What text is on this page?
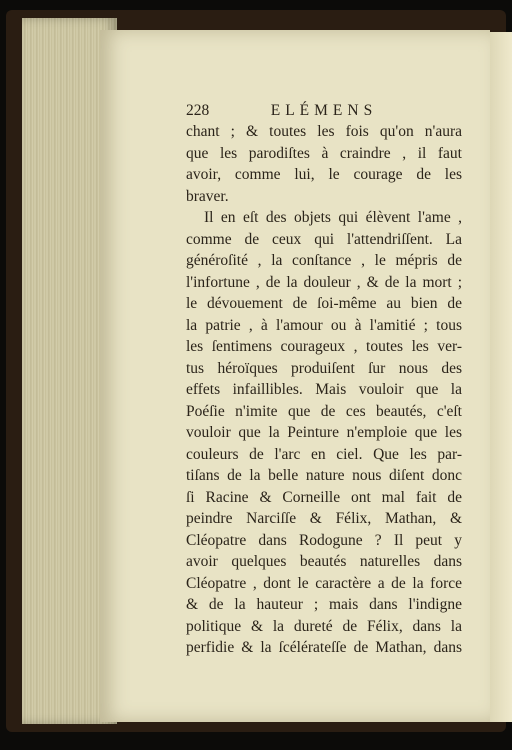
228	ELÉMENS
chant ; & toutes les fois qu'on n'aura
que les parodiſtes à craindre , il faut
avoir, comme lui, le courage de les
braver.
Il en eſt des objets qui élèvent l'ame ,
comme de ceux qui l'attendriſſent. La
généroſité , la conſtance , le mépris de
l'infortune , de la douleur , & de la mort ;
le dévouement de ſoi-même au bien de
la patrie , à l'amour ou à l'amitié ; tous
les ſentimens courageux , toutes les ver-
tus héroïques produiſent ſur nous des
effets infaillibles. Mais vouloir que la
Poéſie n'imite que de ces beautés, c'eſt
vouloir que la Peinture n'emploie que les
couleurs de l'arc en ciel. Que les par-
tiſans de la belle nature nous diſent donc
ſi Racine & Corneille ont mal fait de
peindre Narciſſe & Félix, Mathan, &
Cléopatre dans Rodogune ? Il peut y
avoir quelques beautés naturelles dans
Cléopatre , dont le caractère a de la force
& de la hauteur ; mais dans l'indigne
politique & la dureté de Félix, dans la
perfidie & la ſcélérateſſe de Mathan, dans
